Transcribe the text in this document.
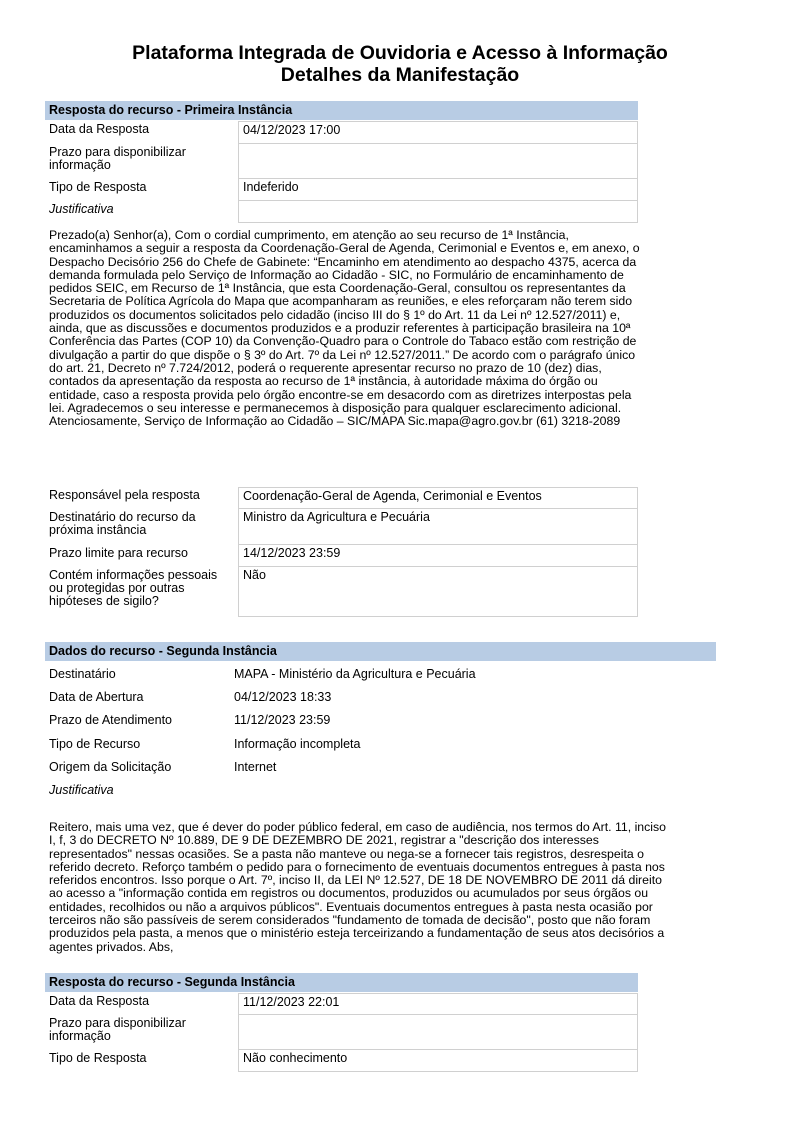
Plataforma Integrada de Ouvidoria e Acesso à Informação
Detalhes da Manifestação
Resposta do recurso - Primeira Instância
Data da Resposta	04/12/2023 17:00
Prazo para disponibilizar informação	
Tipo de Resposta	Indeferido
Justificativa	
Prezado(a) Senhor(a), Com o cordial cumprimento, em atenção ao seu recurso de 1ª Instância, encaminhamos a seguir a resposta da Coordenação-Geral de Agenda, Cerimonial e Eventos e, em anexo, o Despacho Decisório 256 do Chefe de Gabinete: “Encaminho em atendimento ao despacho 4375, acerca da demanda formulada pelo Serviço de Informação ao Cidadão - SIC, no Formulário de encaminhamento de pedidos SEIC, em Recurso de 1ª Instância, que esta Coordenação-Geral, consultou os representantes da Secretaria de Política Agrícola do Mapa que acompanharam as reuniões, e eles reforçaram não terem sido produzidos os documentos solicitados pelo cidadão (inciso III do § 1º do Art. 11 da Lei nº 12.527/2011) e, ainda, que as discussões e documentos produzidos e a produzir referentes à participação brasileira na 10ª Conferência das Partes (COP 10) da Convenção-Quadro para o Controle do Tabaco estão com restrição de divulgação a partir do que dispõe o § 3º do Art. 7º da Lei nº 12.527/2011.” De acordo com o parágrafo único do art. 21, Decreto nº 7.724/2012, poderá o requerente apresentar recurso no prazo de 10 (dez) dias, contados da apresentação da resposta ao recurso de 1ª instância, à autoridade máxima do órgão ou entidade, caso a resposta provida pelo órgão encontre-se em desacordo com as diretrizes interpostas pela lei. Agradecemos o seu interesse e permanecemos à disposição para qualquer esclarecimento adicional. Atenciosamente, Serviço de Informação ao Cidadão – SIC/MAPA Sic.mapa@agro.gov.br (61) 3218-2089
Responsável pela resposta	Coordenação-Geral de Agenda, Cerimonial e Eventos
Destinatário do recurso da próxima instância	Ministro da Agricultura e Pecuária
Prazo limite para recurso	14/12/2023 23:59
Contém informações pessoais ou protegidas por outras hipóteses de sigilo?	Não
Dados do recurso - Segunda Instância
Destinatário	MAPA - Ministério da Agricultura e Pecuária
Data de Abertura	04/12/2023 18:33
Prazo de Atendimento	11/12/2023 23:59
Tipo de Recurso	Informação incompleta
Origem da Solicitação	Internet
Justificativa	
Reitero, mais uma vez, que é dever do poder público federal, em caso de audiência, nos termos do Art. 11, inciso I, f, 3 do DECRETO Nº 10.889, DE 9 DE DEZEMBRO DE 2021, registrar a "descrição dos interesses representados" nessas ocasiões. Se a pasta não manteve ou nega-se a fornecer tais registros, desrespeita o referido decreto. Reforço também o pedido para o fornecimento de eventuais documentos entregues à pasta nos referidos encontros. Isso porque o Art. 7º, inciso II, da LEI Nº 12.527, DE 18 DE NOVEMBRO DE 2011 dá direito ao acesso a "informação contida em registros ou documentos, produzidos ou acumulados por seus órgãos ou entidades, recolhidos ou não a arquivos públicos". Eventuais documentos entregues à pasta nesta ocasião por terceiros não são passíveis de serem considerados "fundamento de tomada de decisão", posto que não foram produzidos pela pasta, a menos que o ministério esteja terceirizando a fundamentação de seus atos decisórios a agentes privados. Abs,
Resposta do recurso - Segunda Instância
Data da Resposta	11/12/2023 22:01
Prazo para disponibilizar informação	
Tipo de Resposta	Não conhecimento
